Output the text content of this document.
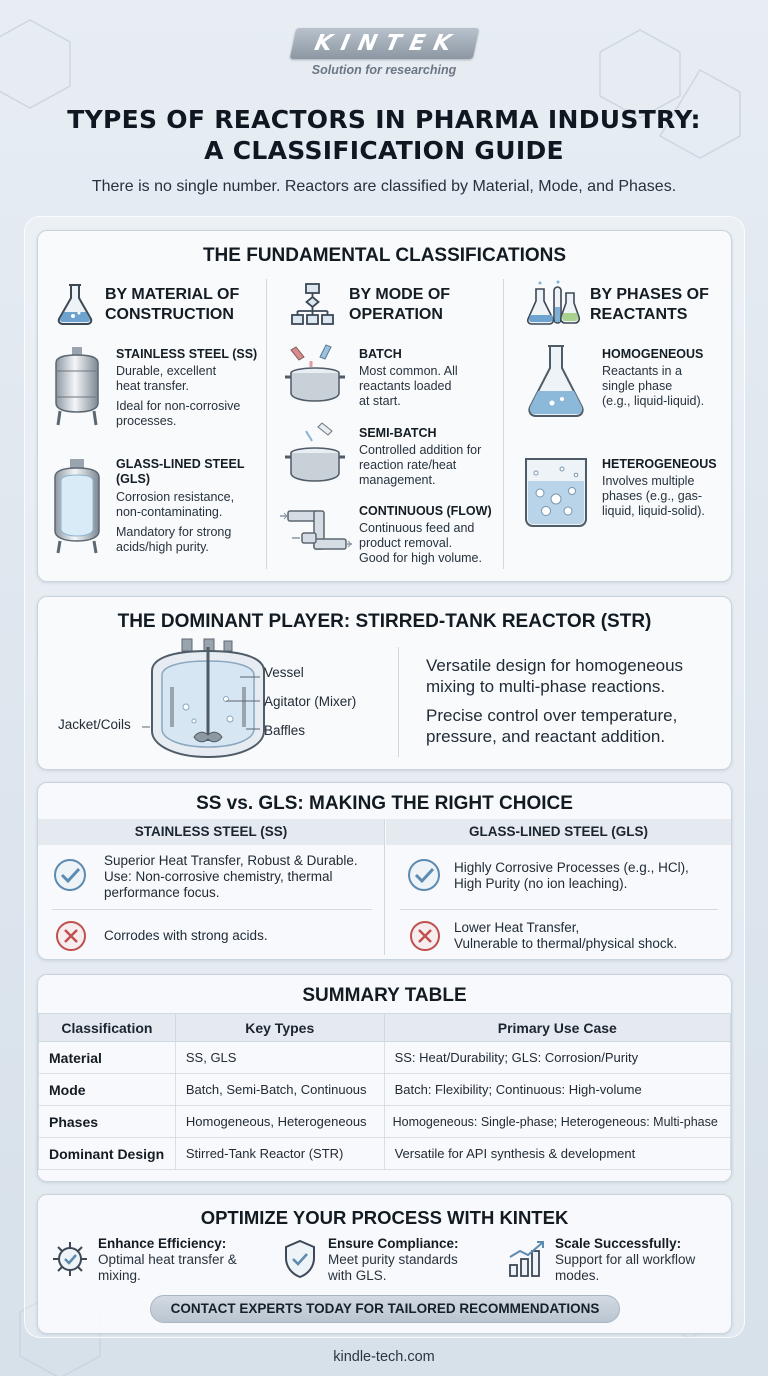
KINTEK
Solution for researching
TYPES OF REACTORS IN PHARMA INDUSTRY:
A CLASSIFICATION GUIDE
There is no single number. Reactors are classified by Material, Mode, and Phases.
THE FUNDAMENTAL CLASSIFICATIONS
BY MATERIAL OF
CONSTRUCTION
STAINLESS STEEL (SS)
Durable, excellent
heat transfer.
Ideal for non-corrosive
processes.
GLASS-LINED STEEL
(GLS)
Corrosion resistance,
non-contaminating.
Mandatory for strong
acids/high purity.
BY MODE OF
OPERATION
BATCH
Most common. All
reactants loaded
at start.
SEMI-BATCH
Controlled addition for
reaction rate/heat
management.
CONTINUOUS (FLOW)
Continuous feed and
product removal.
Good for high volume.
BY PHASES OF
REACTANTS
HOMOGENEOUS
Reactants in a
single phase
(e.g., liquid-liquid).
HETEROGENEOUS
Involves multiple
phases (e.g., gas-
liquid, liquid-solid).
THE DOMINANT PLAYER: STIRRED-TANK REACTOR (STR)
Vessel
Agitator (Mixer)
Baffles
Jacket/Coils
Versatile design for homogeneous
mixing to multi-phase reactions.
Precise control over temperature,
pressure, and reactant addition.
SS vs. GLS: MAKING THE RIGHT CHOICE
STAINLESS STEEL (SS)	GLASS-LINED STEEL (GLS)
Superior Heat Transfer, Robust & Durable.
Use: Non-corrosive chemistry, thermal
performance focus.
Corrodes with strong acids.
Highly Corrosive Processes (e.g., HCl),
High Purity (no ion leaching).
Lower Heat Transfer,
Vulnerable to thermal/physical shock.
SUMMARY TABLE
Classification	Key Types	Primary Use Case
Material	SS, GLS	SS: Heat/Durability; GLS: Corrosion/Purity
Mode	Batch, Semi-Batch, Continuous	Batch: Flexibility; Continuous: High-volume
Phases	Homogeneous, Heterogeneous	Homogeneous: Single-phase; Heterogeneous: Multi-phase
Dominant Design	Stirred-Tank Reactor (STR)	Versatile for API synthesis & development
OPTIMIZE YOUR PROCESS WITH KINTEK
Enhance Efficiency:
Optimal heat transfer &
mixing.
Ensure Compliance:
Meet purity standards
with GLS.
Scale Successfully:
Support for all workflow
modes.
CONTACT EXPERTS TODAY FOR TAILORED RECOMMENDATIONS
kindle-tech.com
